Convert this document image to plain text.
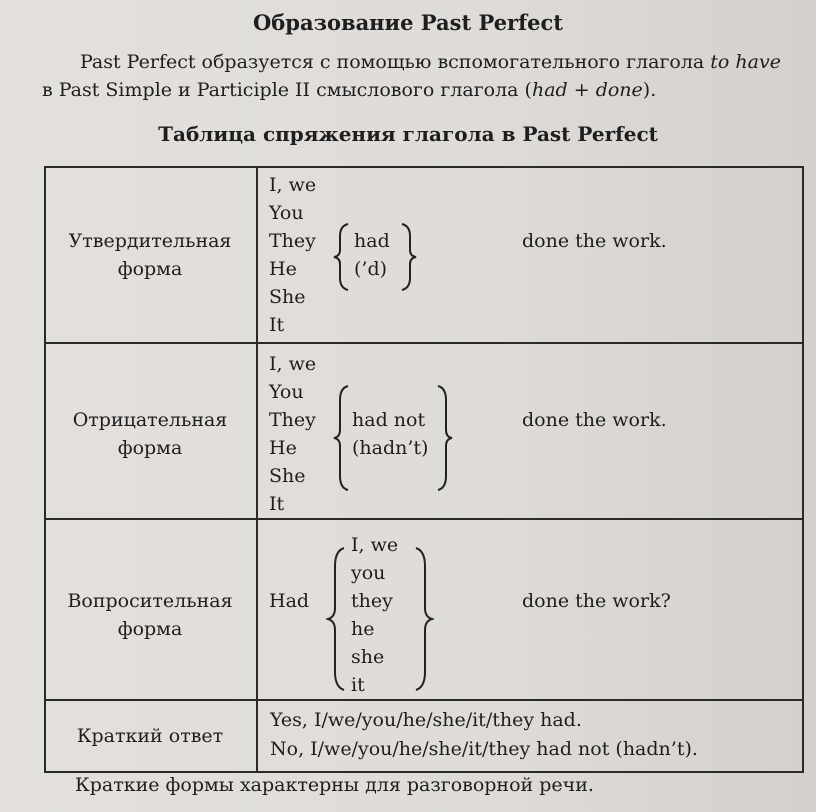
Образование Past Perfect

Past Perfect образуется с помощью вспомогательного глагола to have в Past Simple и Participle II смыслового глагола (had + done).

Таблица спряжения глагола в Past Perfect
Утвердительная
форма
I, we
You
They
He
She
It
had
(’d)
done the work.
Отрицательная
форма
I, we
You
They
He
She
It
had not
(hadn’t)
done the work.
Вопросительная
форма
Had
I, we
you
they
he
she
it
done the work?
Краткий ответ
Yes, I/we/you/he/she/it/they had.
No, I/we/you/he/she/it/they had not (hadn’t).
Краткие формы характерны для разговорной речи.
